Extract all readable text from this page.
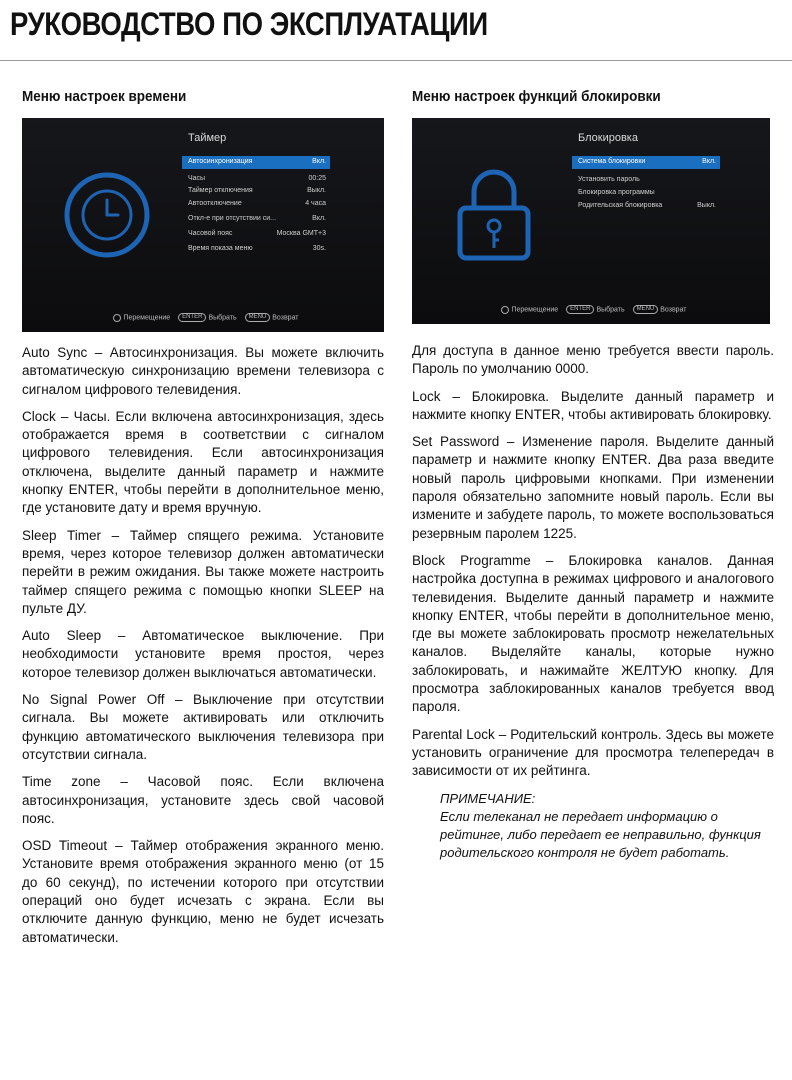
РУКОВОДСТВО ПО ЭКСПЛУАТАЦИИ
Меню настроек времени
Таймер
Автосинхронизация	Вкл.
Часы	00:25
Таймер отключения	Выкл.
Автоотключение	4 часа
Откл-е при отсутствии си...	Вкл.
Часовой пояс	Москва GMT+3
Время показа меню	30s.
Перемещение ENTER Выбрать MENU Возврат

Auto Sync – Автосинхронизация. Вы можете включить автоматическую синхронизацию времени телевизора с сигналом цифрового телевидения.

Clock – Часы. Если включена автосинхронизация, здесь отображается время в соответствии с сигналом цифрового телевидения. Если автосинхронизация отключена, выделите данный параметр и нажмите кнопку ENTER, чтобы перейти в дополнительное меню, где установите дату и время вручную.

Sleep Timer – Таймер спящего режима. Установите время, через которое телевизор должен автоматически перейти в режим ожидания. Вы также можете настроить таймер спящего режима с помощью кнопки SLEEP на пульте ДУ.

Auto Sleep – Автоматическое выключение. При необходимости установите время простоя, через которое телевизор должен выключаться автоматически.

No Signal Power Off – Выключение при отсутствии сигнала. Вы можете активировать или отключить функцию автоматического выключения телевизора при отсутствии сигнала.

Time zone – Часовой пояс. Если включена автосинхронизация, установите здесь свой часовой пояс.

OSD Timeout – Таймер отображения экранного меню. Установите время отображения экранного меню (от 15 до 60 секунд), по истечении которого при отсутствии операций оно будет исчезать с экрана. Если вы отключите данную функцию, меню не будет исчезать автоматически.

Меню настроек функций блокировки
Блокировка
Система блокировки	Вкл.
Установить пароль
Блокировка программы
Родительская блокировка	Выкл.
Перемещение ENTER Выбрать MENU Возврат

Для доступа в данное меню требуется ввести пароль. Пароль по умолчанию 0000.

Lock – Блокировка. Выделите данный параметр и нажмите кнопку ENTER, чтобы активировать блокировку.

Set Password – Изменение пароля. Выделите данный параметр и нажмите кнопку ENTER. Два раза введите новый пароль цифровыми кнопками. При изменении пароля обязательно запомните новый пароль. Если вы измените и забудете пароль, то можете воспользоваться резервным паролем 1225.

Block Programme – Блокировка каналов. Данная настройка доступна в режимах цифрового и аналогового телевидения. Выделите данный параметр и нажмите кнопку ENTER, чтобы перейти в дополнительное меню, где вы можете заблокировать просмотр нежелательных каналов. Выделяйте каналы, которые нужно заблокировать, и нажимайте ЖЕЛТУЮ кнопку. Для просмотра заблокированных каналов требуется ввод пароля.

Parental Lock – Родительский контроль. Здесь вы можете установить ограничение для просмотра телепередач в зависимости от их рейтинга.

ПРИМЕЧАНИЕ:
Если телеканал не передает информацию о рейтинге, либо передает ее неправильно, функция родительского контроля не будет работать.
